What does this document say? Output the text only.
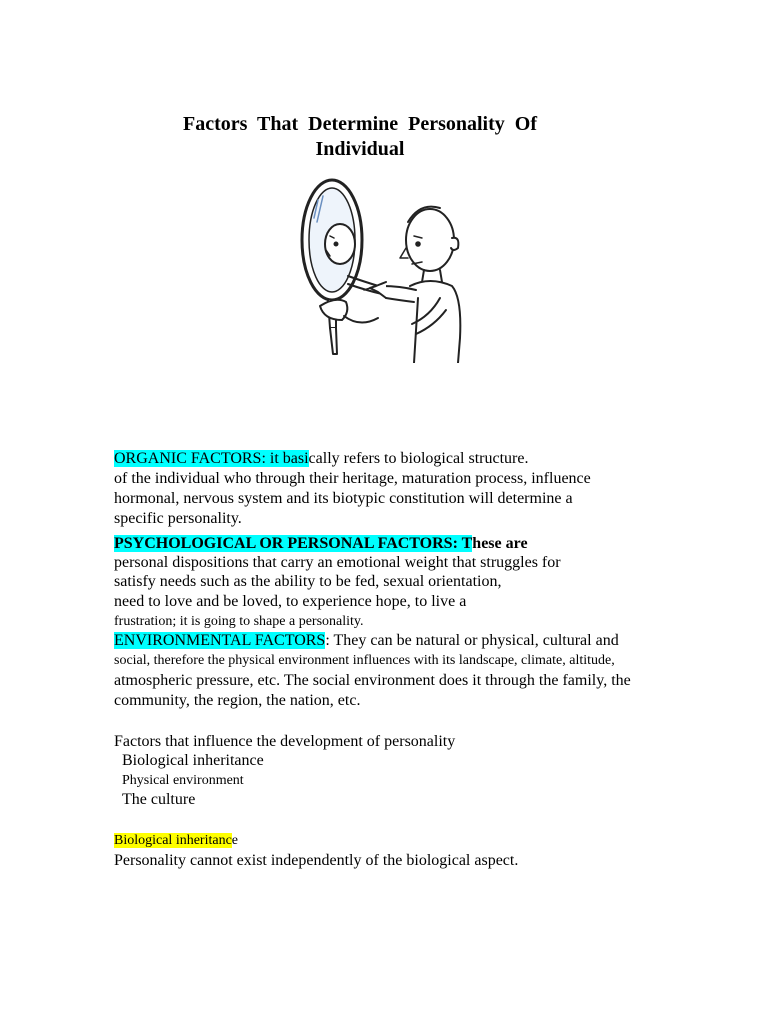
Factors That Determine Personality Of
Individual
ORGANIC FACTORS: it basically refers to biological structure.
of the individual who through their heritage, maturation process, influence
hormonal, nervous system and its biotypic constitution will determine a
specific personality.
PSYCHOLOGICAL OR PERSONAL FACTORS: These are
personal dispositions that carry an emotional weight that struggles for
satisfy needs such as the ability to be fed, sexual orientation,
need to love and be loved, to experience hope, to live a
frustration; it is going to shape a personality.
ENVIRONMENTAL FACTORS: They can be natural or physical, cultural and
social, therefore the physical environment influences with its landscape, climate, altitude,
atmospheric pressure, etc. The social environment does it through the family, the
community, the region, the nation, etc.
Factors that influence the development of personality
Biological inheritance
Physical environment
The culture
Biological inheritance
Personality cannot exist independently of the biological aspect.
